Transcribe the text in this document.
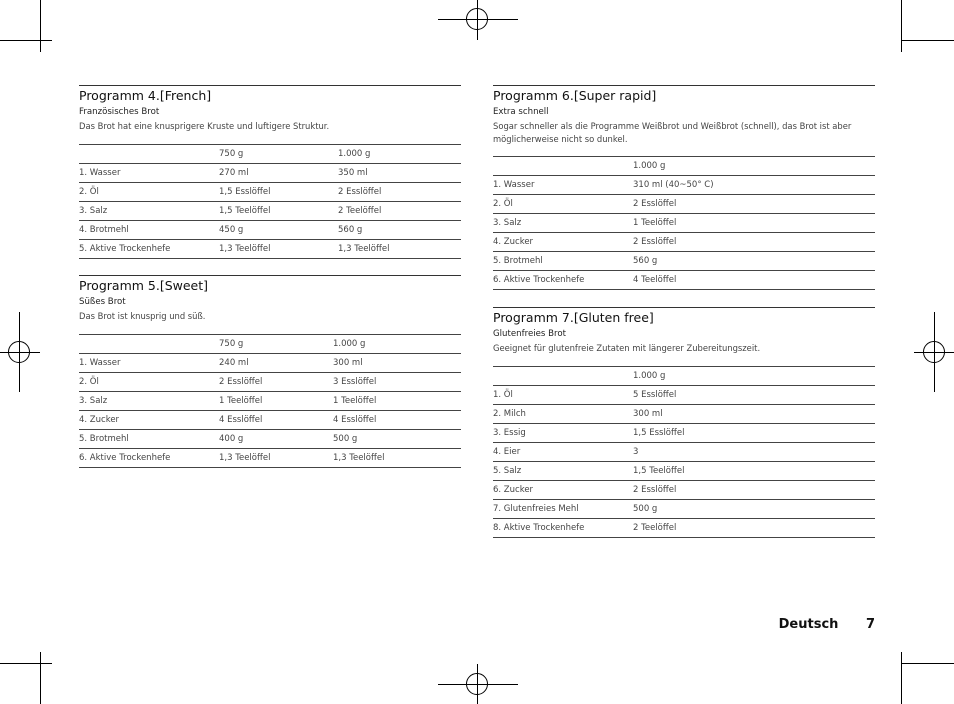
Programm 4.[French]
Französisches Brot
Das Brot hat eine knusprigere Kruste und luftigere Struktur.
	750 g	1.000 g
1. Wasser	270 ml	350 ml
2. Öl	1,5 Esslöffel	2 Esslöffel
3. Salz	1,5 Teelöffel	2 Teelöffel
4. Brotmehl	450 g	560 g
5. Aktive Trockenhefe	1,3 Teelöffel	1,3 Teelöffel
Programm 5.[Sweet]
Süßes Brot
Das Brot ist knusprig und süß.
	750 g	1.000 g
1. Wasser	240 ml	300 ml
2. Öl	2 Esslöffel	3 Esslöffel
3. Salz	1 Teelöffel	1 Teelöffel
4. Zucker	4 Esslöffel	4 Esslöffel
5. Brotmehl	400 g	500 g
6. Aktive Trockenhefe	1,3 Teelöffel	1,3 Teelöffel
Programm 6.[Super rapid]
Extra schnell
Sogar schneller als die Programme Weißbrot und Weißbrot (schnell), das Brot ist aber möglicherweise nicht so dunkel.
	1.000 g
1. Wasser	310 ml (40~50° C)
2. Öl	2 Esslöffel
3. Salz	1 Teelöffel
4. Zucker	2 Esslöffel
5. Brotmehl	560 g
6. Aktive Trockenhefe	4 Teelöffel
Programm 7.[Gluten free]
Glutenfreies Brot
Geeignet für glutenfreie Zutaten mit längerer Zubereitungszeit.
	1.000 g
1. Öl	5 Esslöffel
2. Milch	300 ml
3. Essig	1,5 Esslöffel
4. Eier	3
5. Salz	1,5 Teelöffel
6. Zucker	2 Esslöffel
7. Glutenfreies Mehl	500 g
8. Aktive Trockenhefe	2 Teelöffel
Deutsch 7
